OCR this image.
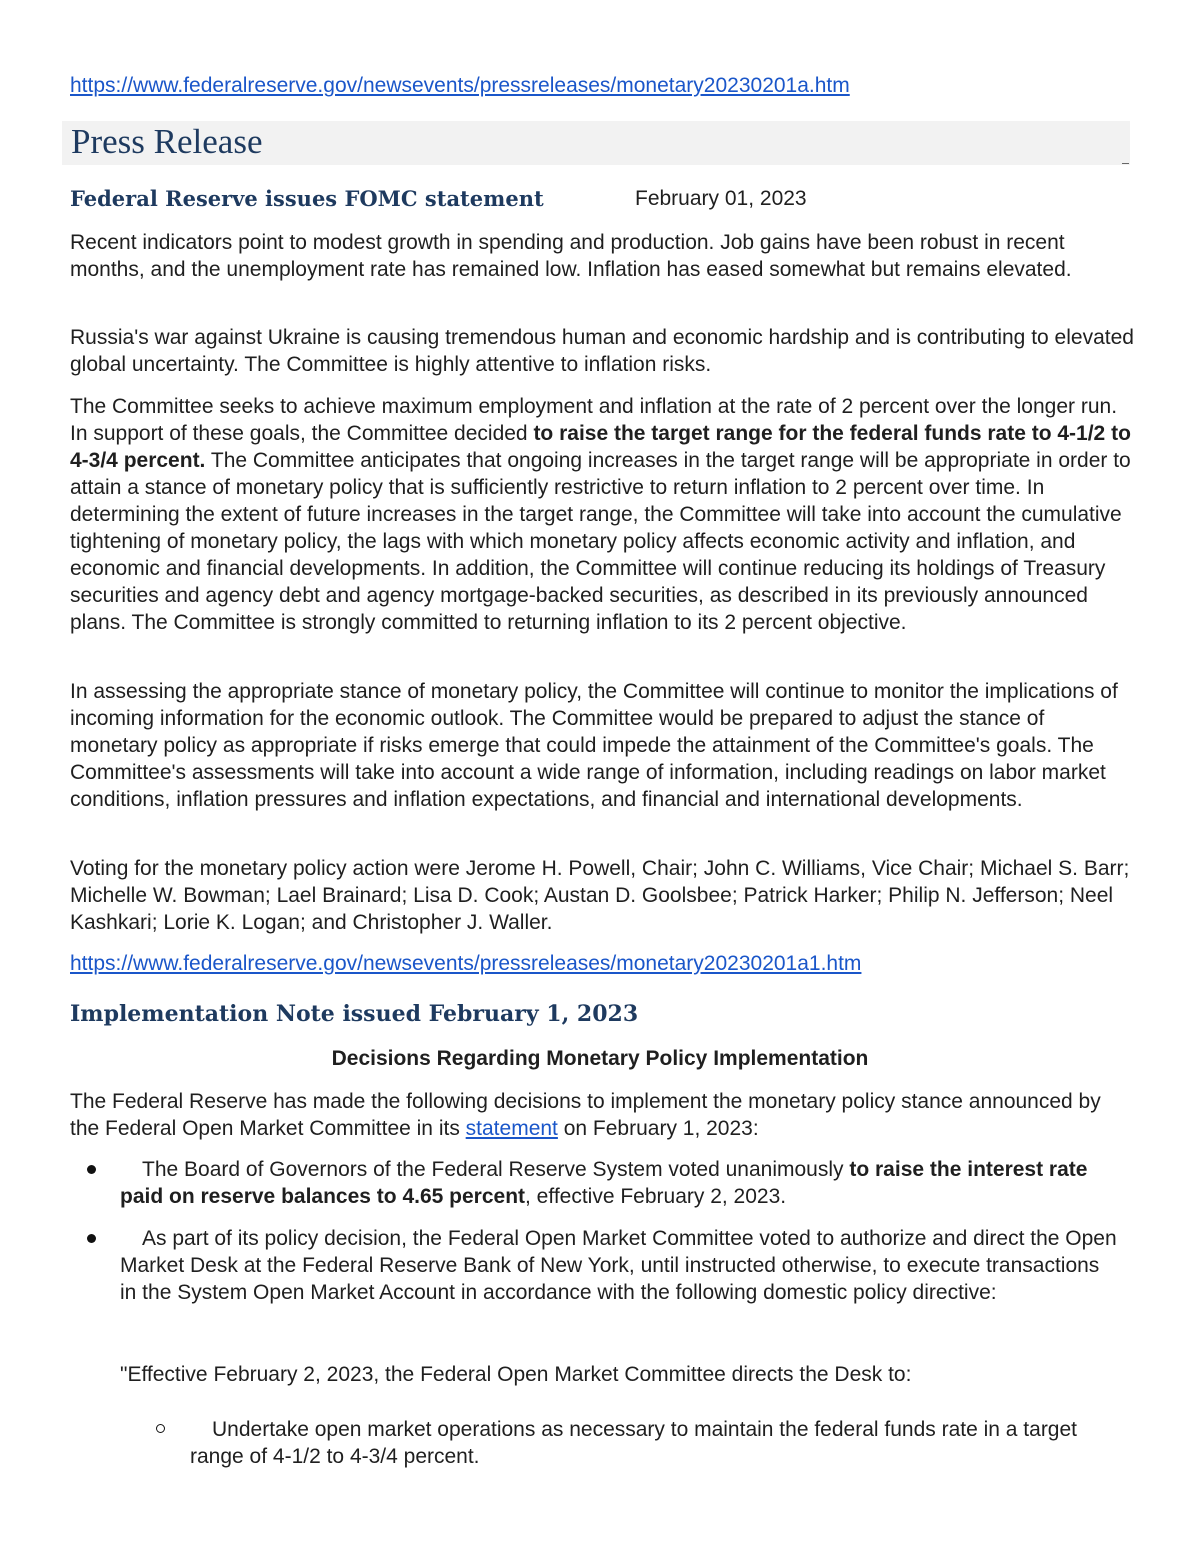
https://www.federalreserve.gov/newsevents/pressreleases/monetary20230201a.htm
Press Release
Federal Reserve issues FOMC statement	February 01, 2023

Recent indicators point to modest growth in spending and production. Job gains have been robust in recent months, and the unemployment rate has remained low. Inflation has eased somewhat but remains elevated.

Russia's war against Ukraine is causing tremendous human and economic hardship and is contributing to elevated global uncertainty. The Committee is highly attentive to inflation risks.

The Committee seeks to achieve maximum employment and inflation at the rate of 2 percent over the longer run. In support of these goals, the Committee decided to raise the target range for the federal funds rate to 4-1/2 to 4-3/4 percent. The Committee anticipates that ongoing increases in the target range will be appropriate in order to attain a stance of monetary policy that is sufficiently restrictive to return inflation to 2 percent over time. In determining the extent of future increases in the target range, the Committee will take into account the cumulative tightening of monetary policy, the lags with which monetary policy affects economic activity and inflation, and economic and financial developments. In addition, the Committee will continue reducing its holdings of Treasury securities and agency debt and agency mortgage-backed securities, as described in its previously announced plans. The Committee is strongly committed to returning inflation to its 2 percent objective.

In assessing the appropriate stance of monetary policy, the Committee will continue to monitor the implications of incoming information for the economic outlook. The Committee would be prepared to adjust the stance of monetary policy as appropriate if risks emerge that could impede the attainment of the Committee's goals. The Committee's assessments will take into account a wide range of information, including readings on labor market conditions, inflation pressures and inflation expectations, and financial and international developments.

Voting for the monetary policy action were Jerome H. Powell, Chair; John C. Williams, Vice Chair; Michael S. Barr; Michelle W. Bowman; Lael Brainard; Lisa D. Cook; Austan D. Goolsbee; Patrick Harker; Philip N. Jefferson; Neel Kashkari; Lorie K. Logan; and Christopher J. Waller.

https://www.federalreserve.gov/newsevents/pressreleases/monetary20230201a1.htm
Implementation Note issued February 1, 2023
Decisions Regarding Monetary Policy Implementation

The Federal Reserve has made the following decisions to implement the monetary policy stance announced by the Federal Open Market Committee in its statement on February 1, 2023:

The Board of Governors of the Federal Reserve System voted unanimously to raise the interest rate paid on reserve balances to 4.65 percent, effective February 2, 2023.

As part of its policy decision, the Federal Open Market Committee voted to authorize and direct the Open Market Desk at the Federal Reserve Bank of New York, until instructed otherwise, to execute transactions in the System Open Market Account in accordance with the following domestic policy directive:

"Effective February 2, 2023, the Federal Open Market Committee directs the Desk to:

Undertake open market operations as necessary to maintain the federal funds rate in a target range of 4-1/2 to 4-3/4 percent.
